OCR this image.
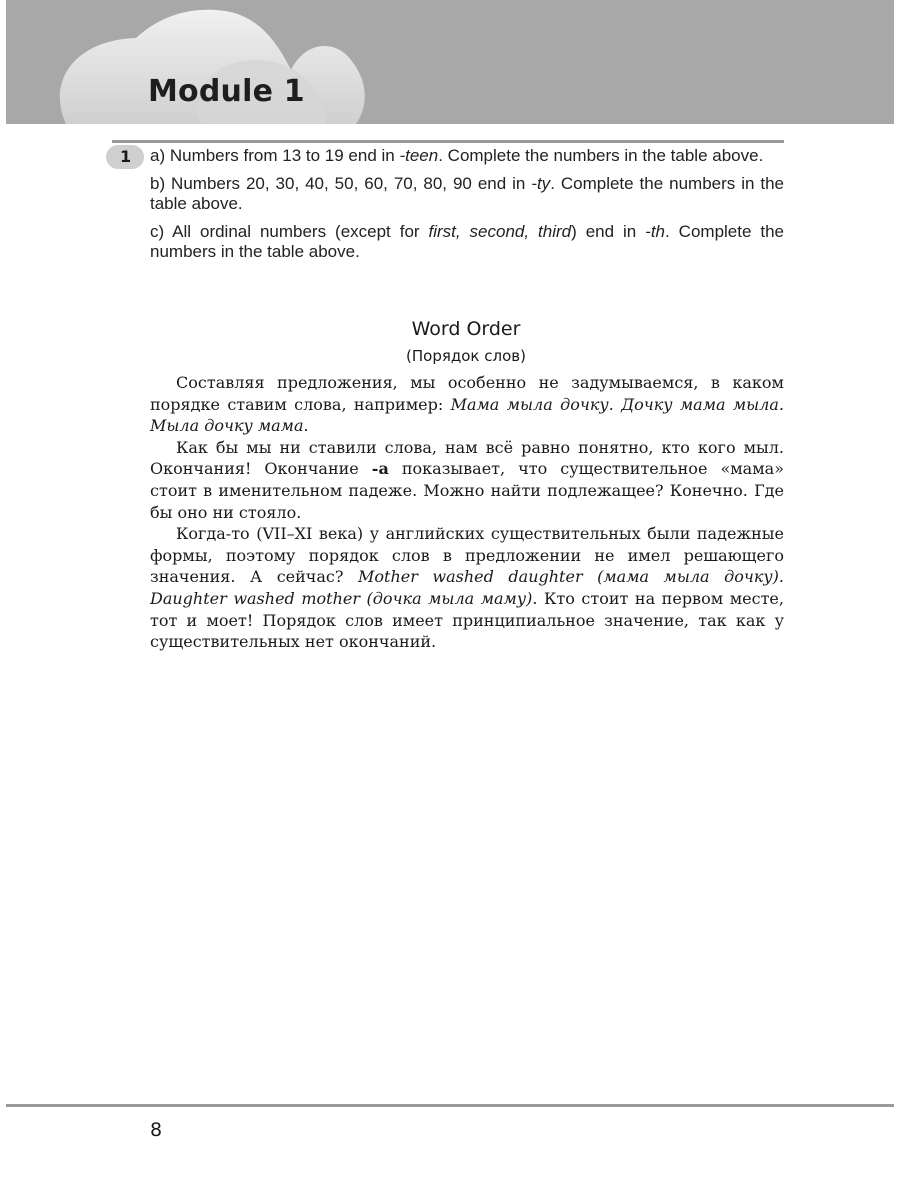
Module 1
1	a) Numbers from 13 to 19 end in -teen. Complete the numbers in the table above.

b) Numbers 20, 30, 40, 50, 60, 70, 80, 90 end in -ty. Complete the numbers in the table above.

c) All ordinal numbers (except for first, second, third) end in -th. Complete the numbers in the table above.

Word Order
(Порядок слов)

Составляя предложения, мы особенно не задумываемся, в каком порядке ставим слова, например: Мама мыла дочку. Дочку мама мыла. Мыла дочку мама.

Как бы мы ни ставили слова, нам всё равно понятно, кто кого мыл. Окончания! Окончание -а показывает, что существительное «мама» стоит в именительном падеже. Можно найти подлежащее? Конечно. Где бы оно ни стояло.

Когда-то (VII–XI века) у английских существительных были падежные формы, поэтому порядок слов в предложении не имел решающего значения. А сейчас? Mother washed daughter (мама мыла дочку). Daughter washed mother (дочка мыла маму). Кто стоит на первом месте, тот и моет! Порядок слов имеет принципиальное значение, так как у существительных нет окончаний.

8
